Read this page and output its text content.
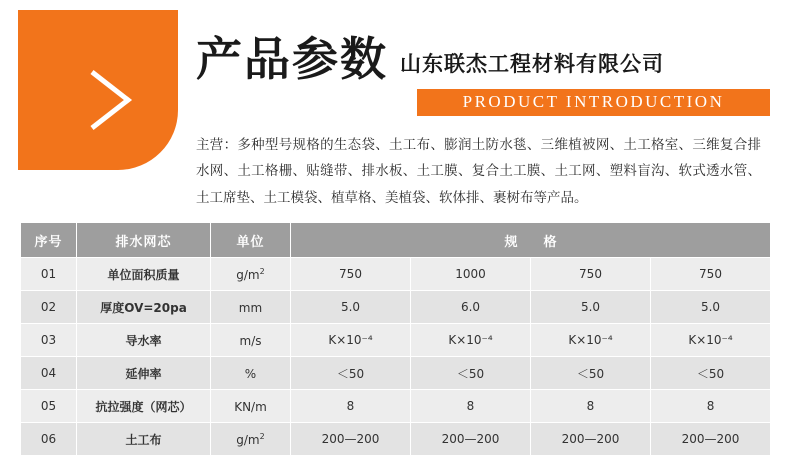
产品参数 山东联杰工程材料有限公司
PRODUCT INTRODUCTION
主营：多种型号规格的生态袋、土工布、膨润土防水毯、三维植被网、土工格室、三维复合排水网、土工格栅、贴缝带、排水板、土工膜、复合土工膜、土工网、塑料盲沟、软式透水管、土工席垫、土工模袋、植草格、美植袋、软体排、裹树布等产品。
序号	排水网芯	单位	规格			
01	单位面积质量	$g/m^2$	750	1000	750	750
02	厚度OV=20pa	mm	5.0	6.0	5.0	5.0
03	导水率	m/s	K×10⁻⁴	K×10⁻⁴	K×10⁻⁴	K×10⁻⁴
04	延伸率	%	＜50	＜50	＜50	＜50
05	抗拉强度（网芯）	KN/m	8	8	8	8
06	土工布	$g/m^2$	200—200	200—200	200—200	200—200
